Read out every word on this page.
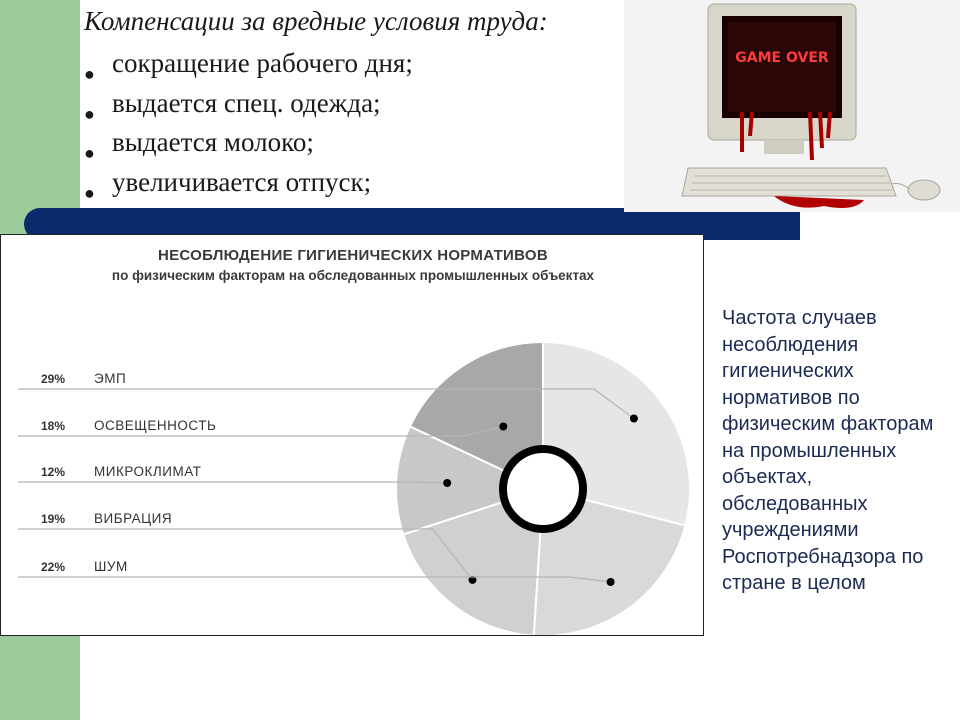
Компенсации за вредные условия труда:
● сокращение рабочего дня;
● выдается спец. одежда;
● выдается молоко;
● увеличивается отпуск;
GAME OVER
НЕСОБЛЮДЕНИЕ ГИГИЕНИЧЕСКИХ НОРМАТИВОВ
по физическим факторам на обследованных промышленных объектах
29% ЭМП
18% ОСВЕЩЕННОСТЬ
12% МИКРОКЛИМАТ
19% ВИБРАЦИЯ
22% ШУМ
Частота случаев несоблюдения гигиенических нормативов по физическим факторам на промышленных объектах, обследованных учреждениями Роспотребнадзора по стране в целом
